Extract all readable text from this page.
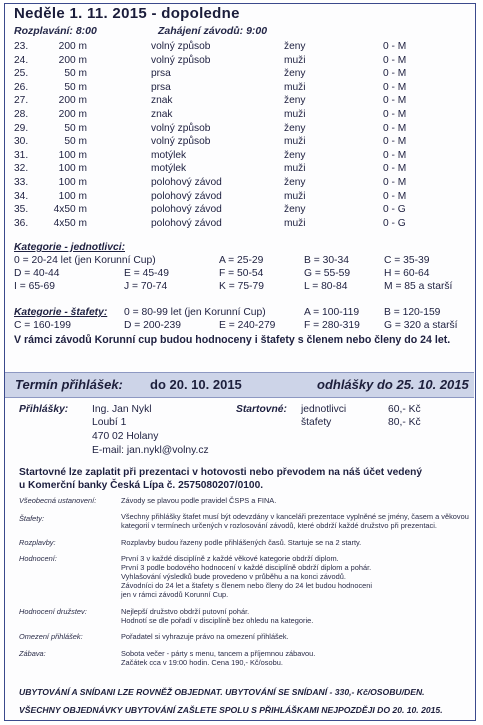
Neděle 1. 11. 2015 - dopoledne
Rozplavání: 8:00	Zahájení závodů: 9:00
23.	200 m	volný způsob	ženy	0 - M
24.	200 m	volný způsob	muži	0 - M
25.	50 m	prsa	ženy	0 - M
26.	50 m	prsa	muži	0 - M
27.	200 m	znak	ženy	0 - M
28.	200 m	znak	muži	0 - M
29.	50 m	volný způsob	ženy	0 - M
30.	50 m	volný způsob	muži	0 - M
31.	100 m	motýlek	ženy	0 - M
32.	100 m	motýlek	muži	0 - M
33.	100 m	polohový závod	ženy	0 - M
34.	100 m	polohový závod	muži	0 - M
35.	4x50 m	polohový závod	ženy	0 - G
36.	4x50 m	polohový závod	muži	0 - G
Kategorie - jednotlivci:
0 = 20-24 let (jen Korunní Cup)	A = 25-29	B = 30-34	C = 35-39
D = 40-44	E = 45-49	F = 50-54	G = 55-59	H = 60-64
I = 65-69	J = 70-74	K = 75-79	L = 80-84	M = 85 a starší
Kategorie - štafety: 0 = 80-99 let (jen Korunní Cup)	A = 100-119 B = 120-159
C = 160-199	D = 200-239	E = 240-279	F = 280-319 G = 320 a starší
V rámci závodů Korunní cup budou hodnoceny i štafety s členem nebo členy do 24 let.
Termín přihlášek: do 20. 10. 2015	odhlášky do 25. 10. 2015
Přihlášky: Ing. Jan Nykl
Loubí 1
470 02 Holany
E-mail: jan.nykl@volny.cz
Startovné: jednotlivci	60,- Kč
štafety	80,- Kč
Startovné lze zaplatit při prezentaci v hotovosti nebo převodem na náš účet vedený
u Komerční banky Česká Lípa č. 2575080207/0100.
Všeobecná ustanovení:	Závody se plavou podle pravidel ČSPS a FINA.
Štafety:	Všechny přihlášky štafet musí být odevzdány v kanceláři prezentace vyplněné se jmény, časem a věkovou
kategorií v termínech určených v rozlosování závodů, které obdrží každé družstvo při prezentaci.
Rozplavby:	Rozplavby budou řazeny podle přihlášených časů. Startuje se na 2 starty.
Hodnocení:	První 3 v každé disciplíně z každé věkové kategorie obdrží diplom.
První 3 podle bodového hodnocení v každé disciplíně obdrží diplom a pohár.
Vyhlašování výsledků bude provedeno v průběhu a na konci závodů.
Závodníci do 24 let a štafety s členem nebo členy do 24 let budou hodnoceni
jen v rámci závodů Korunní Cup.
Hodnocení družstev:	Nejlepší družstvo obdrží putovní pohár.
Hodnotí se dle pořadí v disciplíně bez ohledu na kategorie.
Omezení přihlášek:	Pořadatel si vyhrazuje právo na omezení přihlášek.
Zábava:	Sobota večer - párty s menu, tancem a příjemnou zábavou.
Začátek cca v 19:00 hodin. Cena 190,- Kč/osobu.
UBYTOVÁNÍ A SNÍDANI LZE ROVNĚŽ OBJEDNAT. UBYTOVÁNÍ SE SNÍDANÍ - 330,- Kč/OSOBU/DEN.
VŠECHNY OBJEDNÁVKY UBYTOVÁNÍ ZAŠLETE SPOLU S PŘIHLÁŠKAMI NEJPOZDĚJI DO 20. 10. 2015.
